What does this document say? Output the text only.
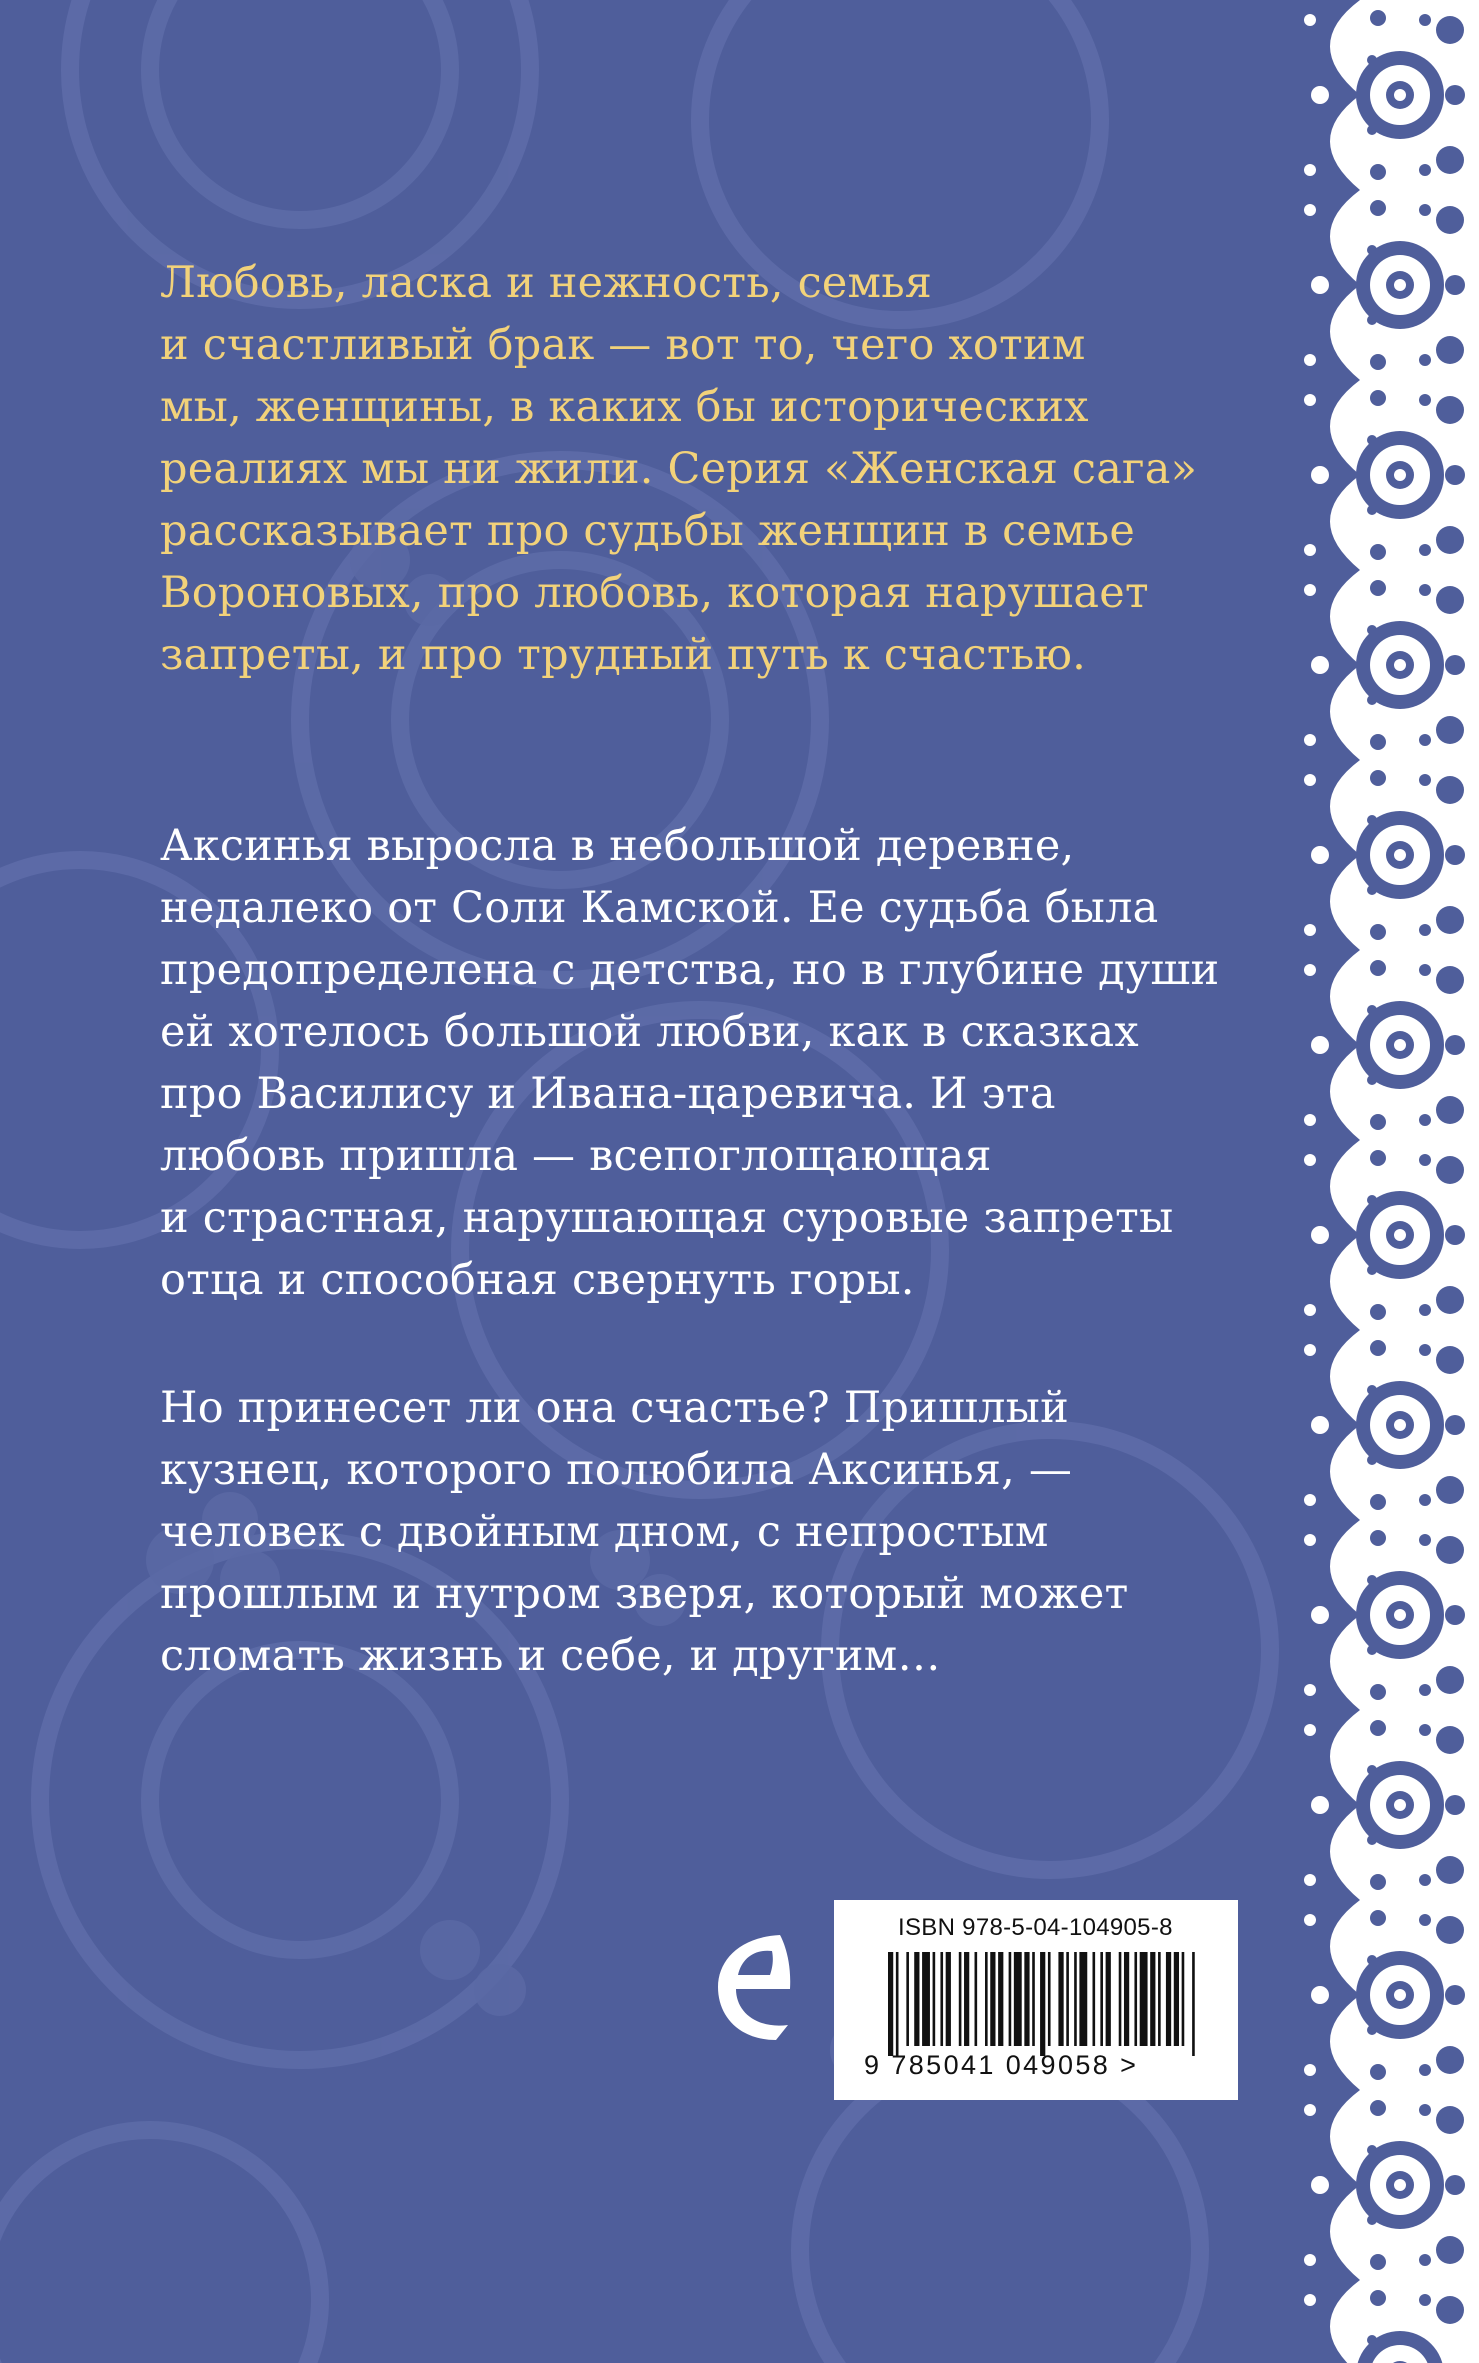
Любовь, ласка и нежность, семья
и счастливый брак — вот то, чего хотим
мы, женщины, в каких бы исторических
реалиях мы ни жили. Серия «Женская сага»
рассказывает про судьбы женщин в семье
Вороновых, про любовь, которая нарушает
запреты, и про трудный путь к счастью.
Аксинья выросла в небольшой деревне,
недалеко от Соли Камской. Ее судьба была
предопределена с детства, но в глубине души
ей хотелось большой любви, как в сказках
про Василису и Ивана-царевича. И эта
любовь пришла — всепоглощающая
и страстная, нарушающая суровые запреты
отца и способная свернуть горы.
Но принесет ли она счастье? Пришлый
кузнец, которого полюбила Аксинья, —
человек с двойным дном, с непростым
прошлым и нутром зверя, который может
сломать жизнь и себе, и другим…
ISBN 978-5-04-104905-8
9 785041 049058 >
